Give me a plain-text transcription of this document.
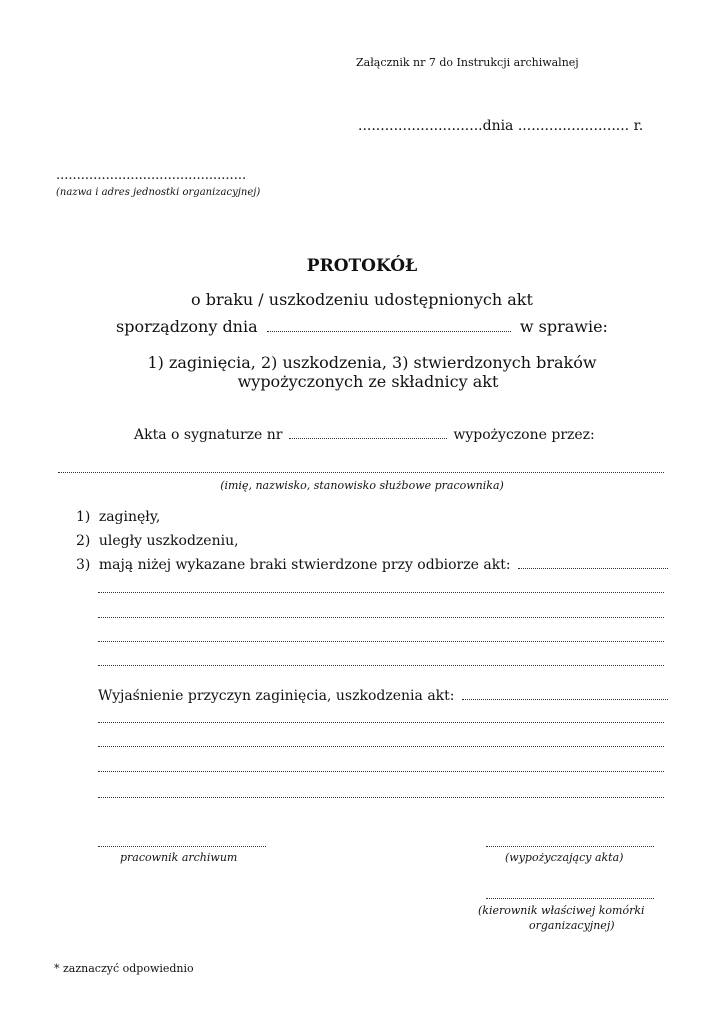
Załącznik nr 7 do Instrukcji archiwalnej
............................dnia ......................... r.
..............................................
(nazwa i adres jednostki organizacyjnej)
PROTOKÓŁ
o braku / uszkodzeniu udostępnionych akt
sporządzony dnia	w sprawie:
1) zaginięcia, 2) uszkodzenia, 3) stwierdzonych braków
wypożyczonych ze składnicy akt
Akta o sygnaturze nr	wypożyczone przez:
(imię, nazwisko, stanowisko służbowe pracownika)
1) zaginęły,
2) uległy uszkodzeniu,
3) mają niżej wykazane braki stwierdzone przy odbiorze akt:
Wyjaśnienie przyczyn zaginięcia, uszkodzenia akt:
pracownik archiwum	(wypożyczający akta)
(kierownik właściwej komórki
organizacyjnej)
* zaznaczyć odpowiednio
